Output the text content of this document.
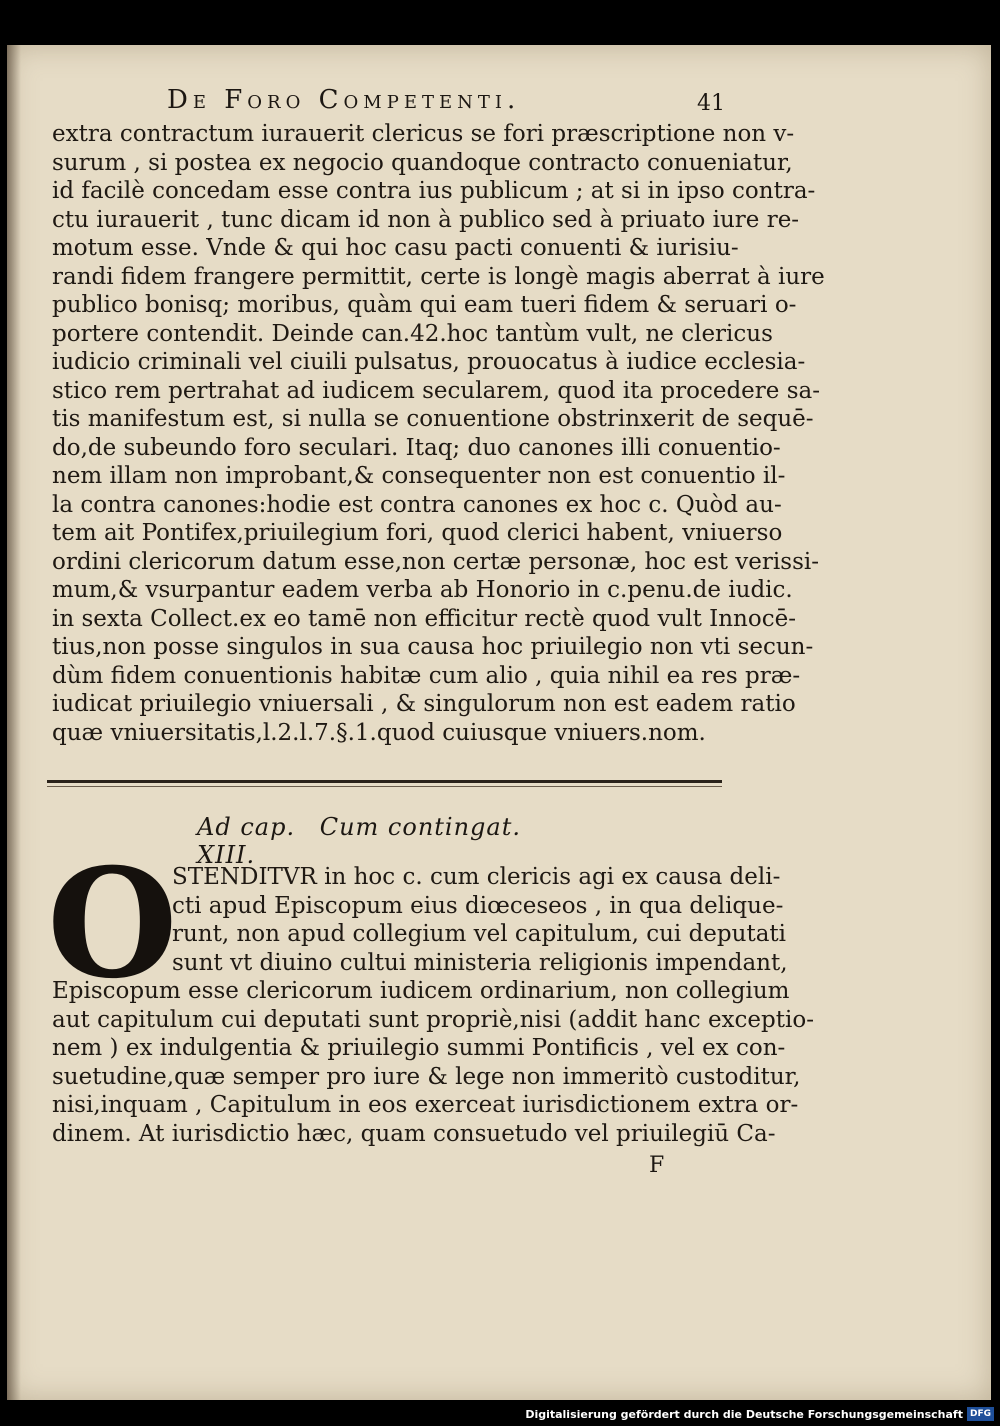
De Foro Competenti.	41
extra contractum iurauerit clericus se fori præscriptione non v-
surum , si postea ex negocio quandoque contracto conueniatur,
id facilè concedam esse contra ius publicum ; at si in ipso contra-
ctu iurauerit , tunc dicam id non à publico sed à priuato iure re-
motum esse. Vnde & qui hoc casu pacti conuenti & iurisiu-
randi fidem frangere permittit, certe is longè magis aberrat à iure
publico bonisq; moribus, quàm qui eam tueri fidem & seruari o-
portere contendit. Deinde can.42.hoc tantùm vult, ne clericus
iudicio criminali vel ciuili pulsatus, prouocatus à iudice ecclesia-
stico rem pertrahat ad iudicem secularem, quod ita procedere sa-
tis manifestum est, si nulla se conuentione obstrinxerit de sequē-
do,de subeundo foro seculari. Itaq; duo canones illi conuentio-
nem illam non improbant,& consequenter non est conuentio il-
la contra canones:hodie est contra canones ex hoc c. Quòd au-
tem ait Pontifex,priuilegium fori, quod clerici habent, vniuerso
ordini clericorum datum esse,non certæ personæ, hoc est verissi-
mum,& vsurpantur eadem verba ab Honorio in c.penu.de iudic.
in sexta Collect.ex eo tamē non efficitur rectè quod vult Innocē-
tius,non posse singulos in sua causa hoc priuilegio non vti secun-
dùm fidem conuentionis habitæ cum alio , quia nihil ea res præ-
iudicat priuilegio vniuersali , & singulorum non est eadem ratio
quæ vniuersitatis,l.2.l.7.§.1.quod cuiusque vniuers.nom.
Ad cap. Cum contingat. XIII.
O
STENDITVR in hoc c. cum clericis agi ex causa deli-
cti apud Episcopum eius diœceseos , in qua delique-
runt, non apud collegium vel capitulum, cui deputati
sunt vt diuino cultui ministeria religionis impendant,
Episcopum esse clericorum iudicem ordinarium, non collegium
aut capitulum cui deputati sunt propriè,nisi (addit hanc exceptio-
nem ) ex indulgentia & priuilegio summi Pontificis , vel ex con-
suetudine,quæ semper pro iure & lege non immeritò custoditur,
nisi,inquam , Capitulum in eos exerceat iurisdictionem extra or-
dinem. At iurisdictio hæc, quam consuetudo vel priuilegiū Ca-
F
Digitalisierung gefördert durch die Deutsche Forschungsgemeinschaft DFG
